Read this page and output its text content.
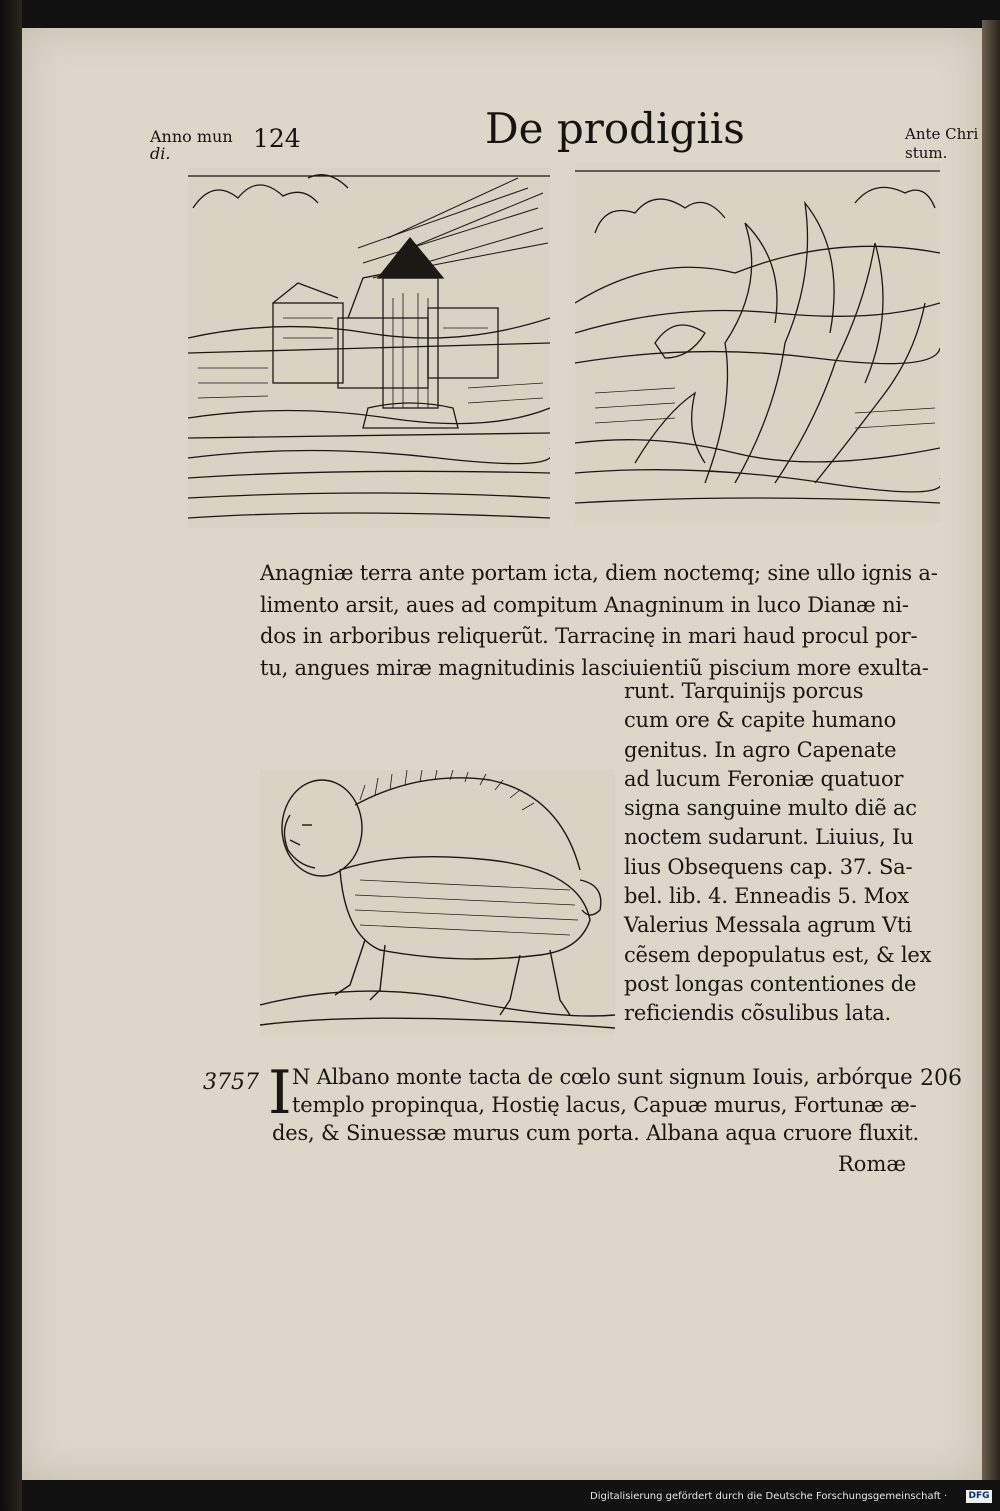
Anno mun
di.
124	De prodigiis	Ante Chri
stum.
Anagniæ terra ante portam icta, diem noctemq; sine ullo ignis a-
limento arsit, aues ad compitum Anagninum in luco Dianæ ni-
dos in arboribus reliquerũt. Tarracinę in mari haud procul por-
tu, angues miræ magnitudinis lasciuientiũ piscium more exulta-
runt. Tarquinijs porcus
cum ore & capite humano
genitus. In agro Capenate
ad lucum Feroniæ quatuor
signa sanguine multo diẽ ac
noctem sudarunt. Liuius, Iu
lius Obsequens cap. 37. Sa-
bel. lib. 4. Enneadis 5. Mox
Valerius Messala agrum Vti
cẽsem depopulatus est, & lex
post longas contentiones de
reficiendis cõsulibus lata.
3757 I	206
N Albano monte tacta de cœlo sunt signum Iouis, arbórque
templo propinqua, Hostię lacus, Capuæ murus, Fortunæ æ-
des, & Sinuessæ murus cum porta. Albana aqua cruore fluxit.
Romæ
Digitalisierung gefördert durch die Deutsche Forschungsgemeinschaft · DFG
